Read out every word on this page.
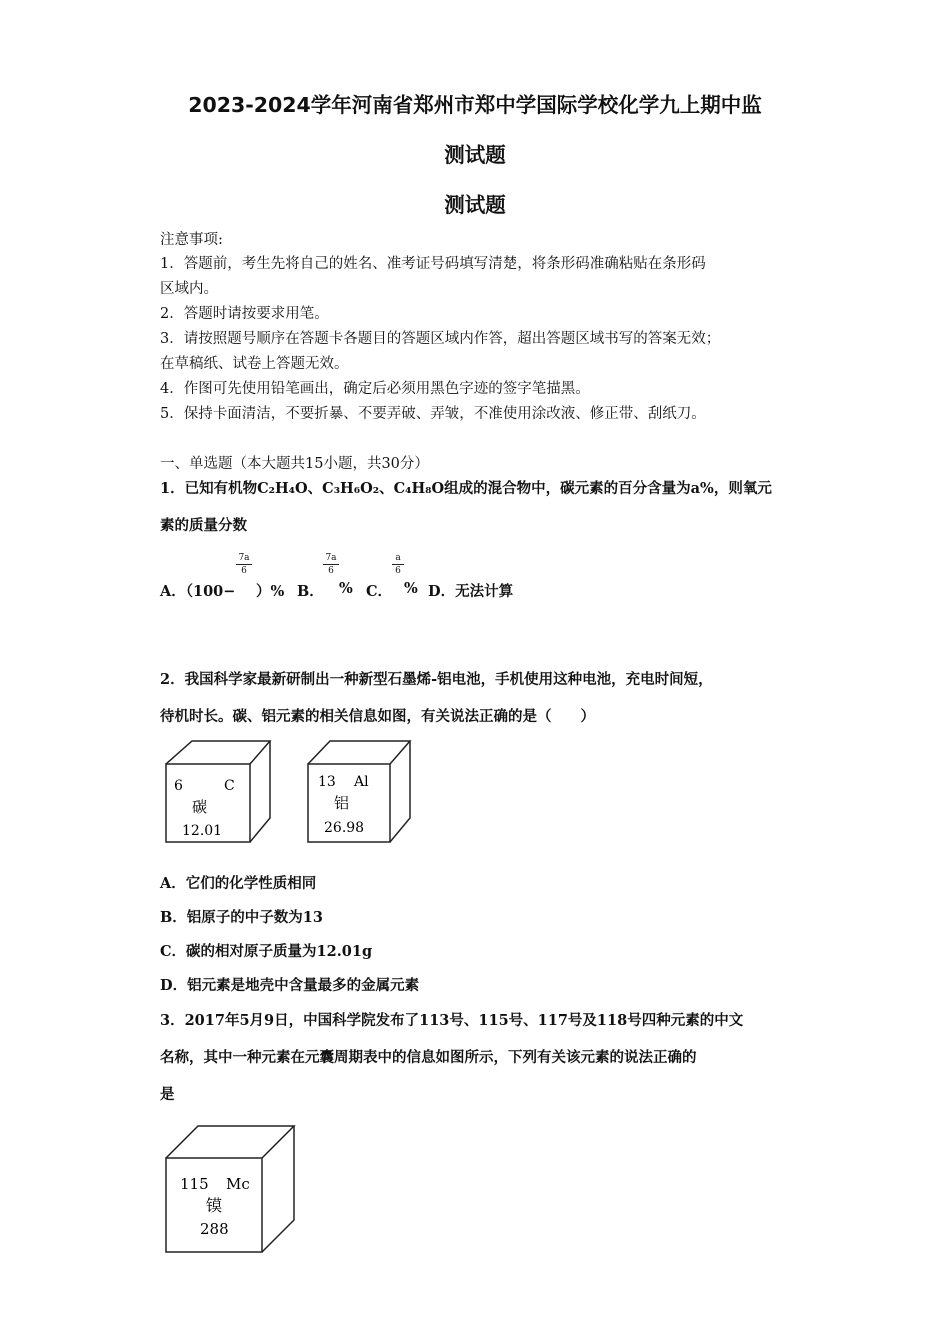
2023-2024学年河南省郑州市郑中学国际学校化学九上期中监
测试题
测试题
注意事项:
1．答题前，考生先将自己的姓名、准考证号码填写清楚，将条形码准确粘贴在条形码
区域内。
2．答题时请按要求用笔。
3．请按照题号顺序在答题卡各题目的答题区域内作答，超出答题区域书写的答案无效；
在草稿纸、试卷上答题无效。
4．作图可先使用铅笔画出，确定后必须用黑色字迹的签字笔描黑。
5．保持卡面清洁，不要折暴、不要弄破、弄皱，不准使用涂改液、修正带、刮纸刀。
一、单选题（本大题共15小题，共30分）
1．已知有机物C₂H₄O、C₃H₆O₂、C₄H₈O组成的混合物中，碳元素的百分含量为a%，则氧元
素的质量分数
A．（100−
7a
6
）% B．
7a
6
% C．
a
6
% D．无法计算
2．我国科学家最新研制出一种新型石墨烯-铝电池，手机使用这种电池，充电时间短，
待机时长。碳、铝元素的相关信息如图，有关说法正确的是（　　）
6	C
碳
12.01
13 Al
铝
26.98
A．它们的化学性质相同
B．铝原子的中子数为13
C．碳的相对原子质量为12.01g
D．铝元素是地壳中含量最多的金属元素
3．2017年5月9日，中国科学院发布了113号、115号、117号及118号四种元素的中文
名称，其中一种元素在元囊周期表中的信息如图所示，下列有关该元素的说法正确的
是
115 Mc
镆
288
